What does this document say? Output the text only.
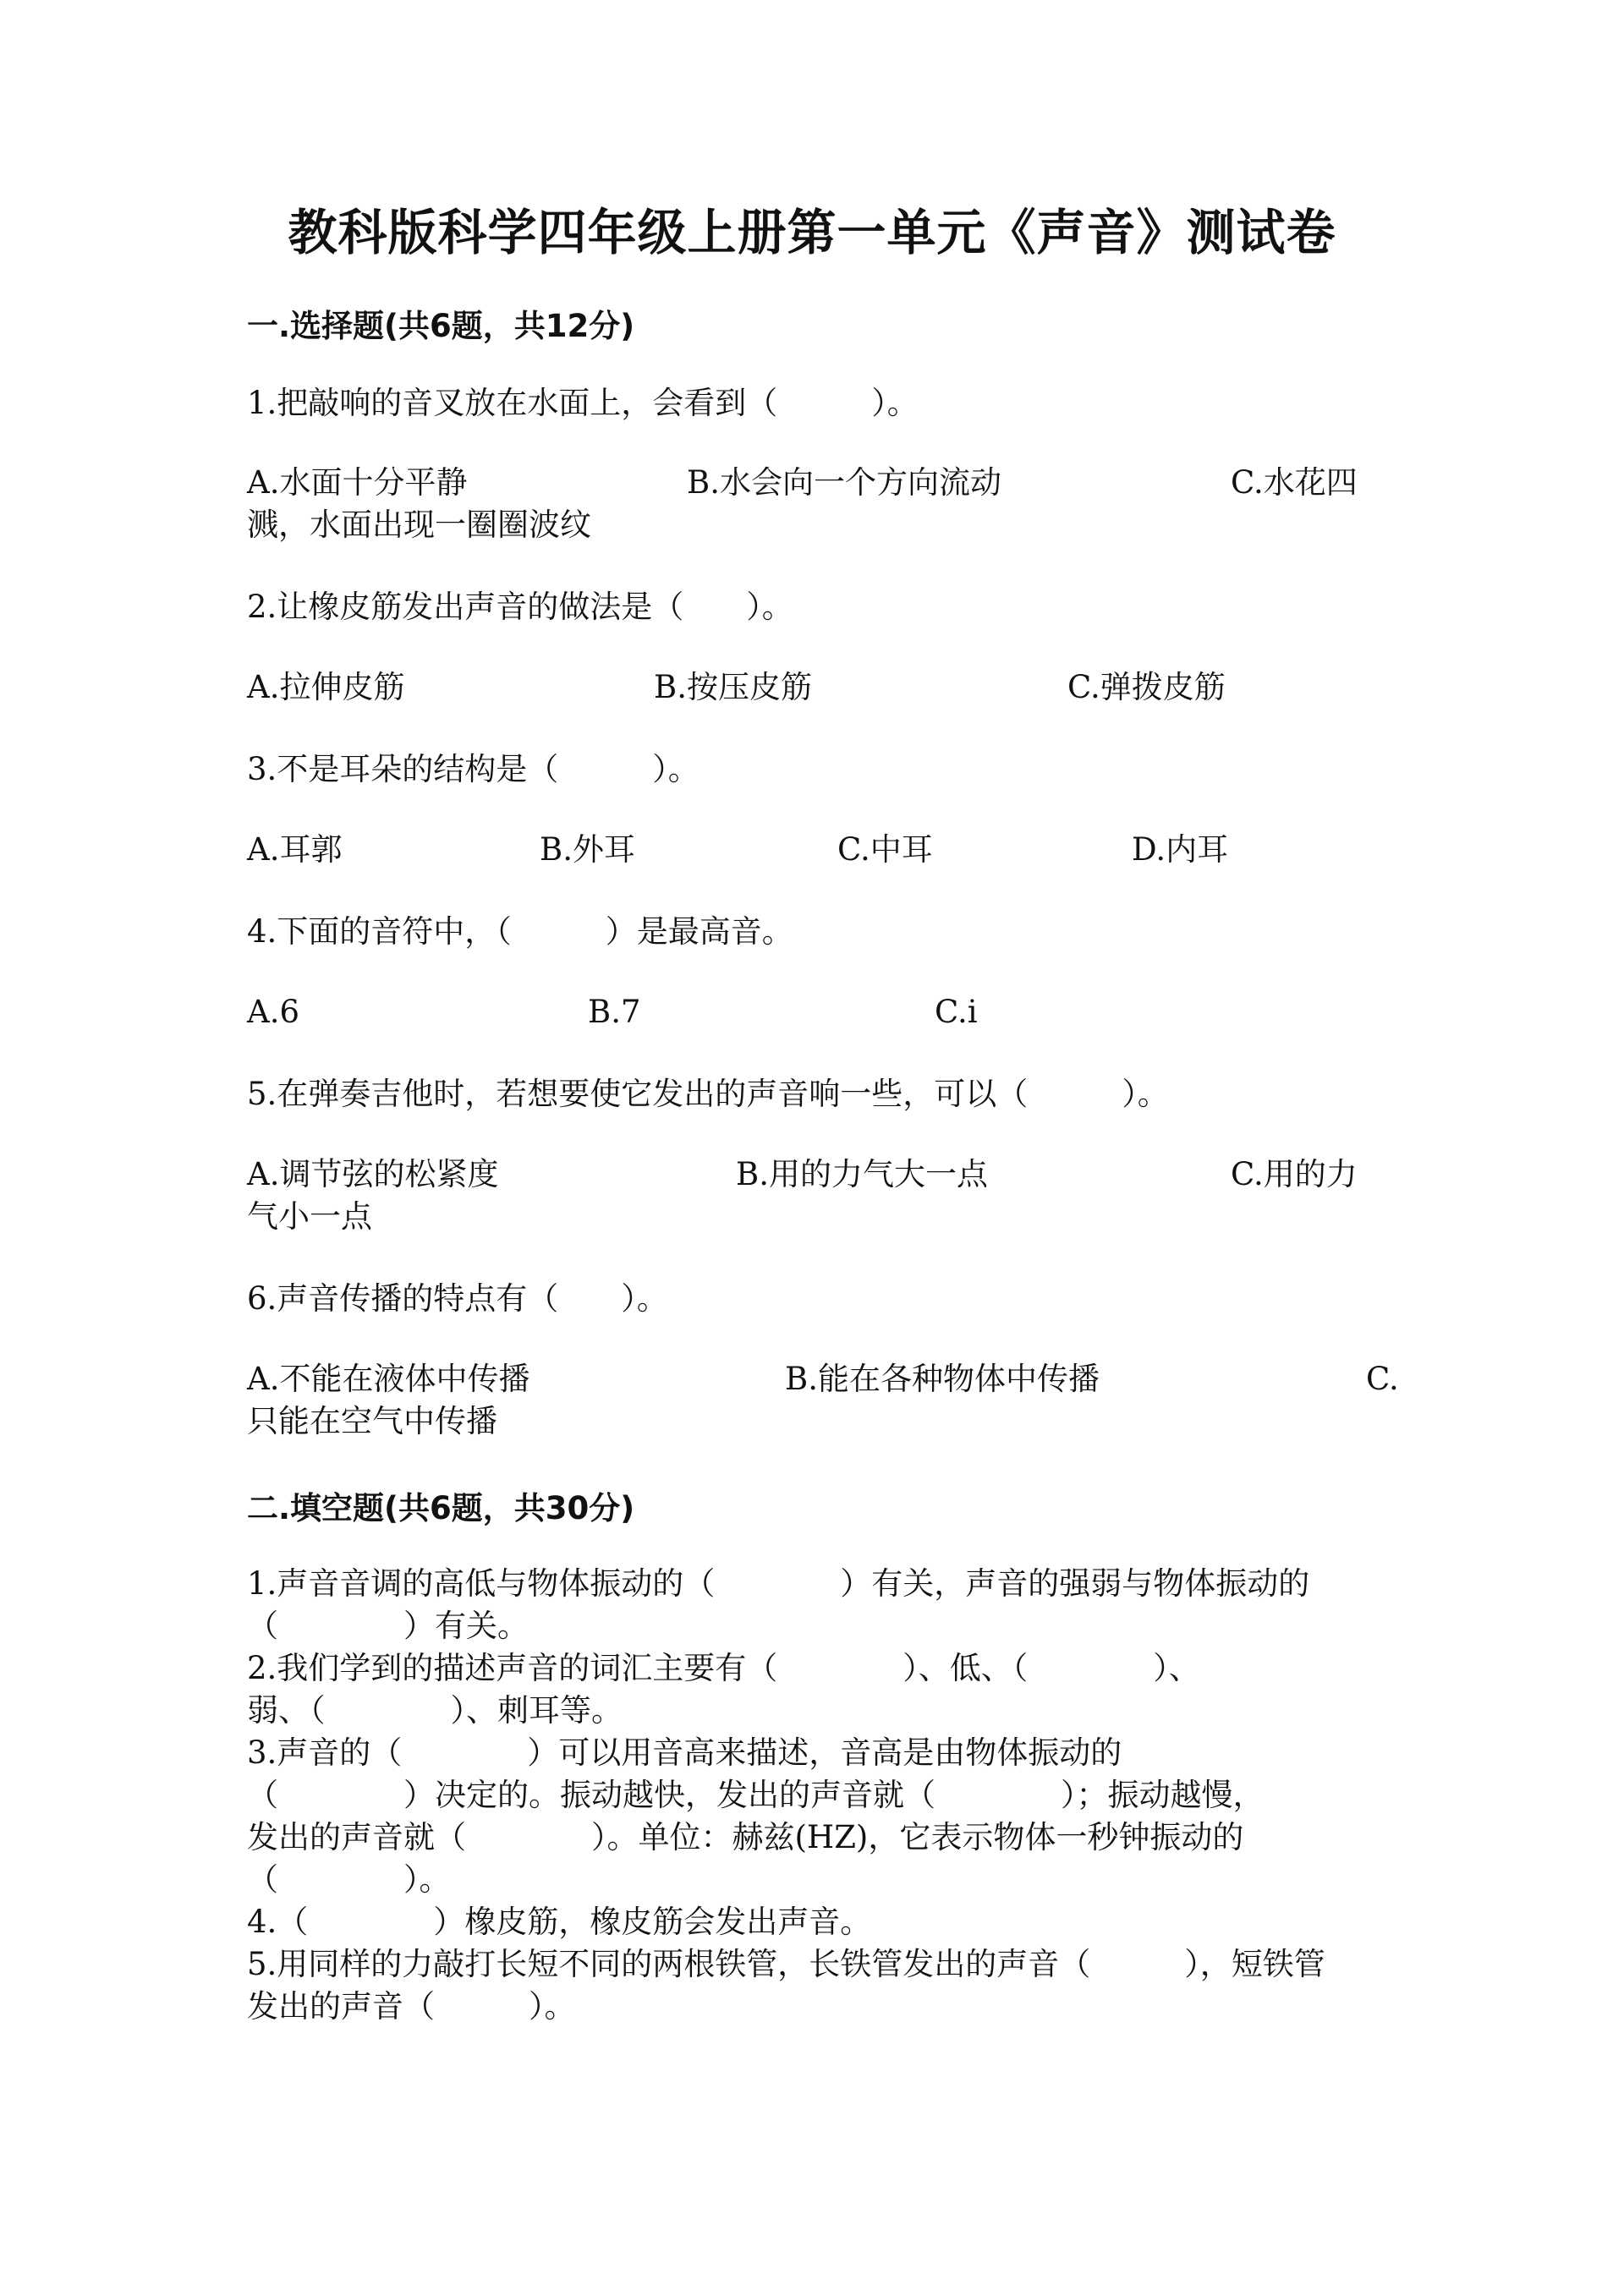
教科版科学四年级上册第一单元《声音》测试卷
一.选择题(共6题，共12分)
1.把敲响的音叉放在水面上，会看到（　　　）。
A.水面十分平静	B.水会向一个方向流动	C.水花四
溅，水面出现一圈圈波纹
2.让橡皮筋发出声音的做法是（　　）。
A.拉伸皮筋	B.按压皮筋	C.弹拨皮筋
3.不是耳朵的结构是（　　　）。
A.耳郭	B.外耳	C.中耳	D.内耳
4.下面的音符中，（　　　）是最高音。
A.6	B.7	C.i
5.在弹奏吉他时，若想要使它发出的声音响一些，可以（　　　）。
A.调节弦的松紧度	B.用的力气大一点	C.用的力
气小一点
6.声音传播的特点有（　　）。
A.不能在液体中传播	B.能在各种物体中传播	C.
只能在空气中传播
二.填空题(共6题，共30分)
1.声音音调的高低与物体振动的（　　　　）有关，声音的强弱与物体振动的
（　　　　）有关。
2.我们学到的描述声音的词汇主要有（　　　　）、低、（　　　　）、
弱、（　　　　）、刺耳等。
3.声音的（　　　　）可以用音高来描述，音高是由物体振动的
（　　　　）决定的。振动越快，发出的声音就（　　　　）；振动越慢，
发出的声音就（　　　　）。单位：赫兹(HZ)，它表示物体一秒钟振动的
（　　　　）。
4.（　　　　）橡皮筋，橡皮筋会发出声音。
5.用同样的力敲打长短不同的两根铁管，长铁管发出的声音（　　　），短铁管
发出的声音（　　　）。
